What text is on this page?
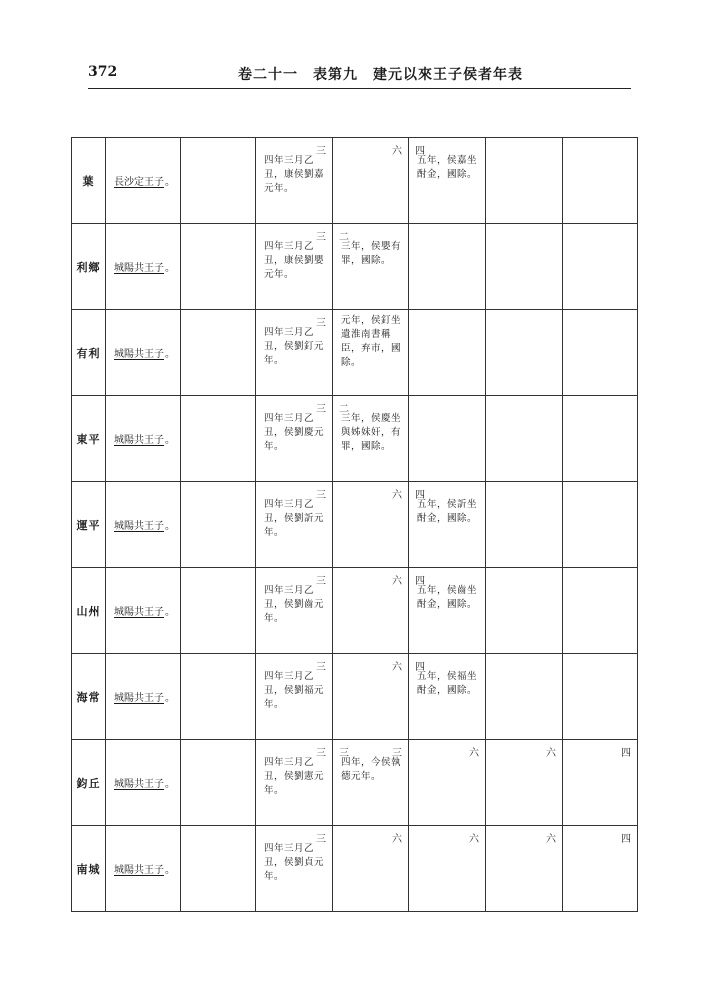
372	卷二十一　表第九　建元以來王子侯者年表
葉	長沙定王子。		三
四年三月乙
丑，康侯劉嘉
元年。	六	四
五年，侯嘉坐
酎金，國除。		

利鄉	城陽共王子。		三
四年三月乙
丑，康侯劉嬰
元年。	二
三年，侯嬰有
罪，國除。			

有利	城陽共王子。		三
四年三月乙
丑，侯劉釘元
年。	元年，侯釘坐
遺淮南書稱
臣，弃市，國
除。			

東平	城陽共王子。		三
四年三月乙
丑，侯劉慶元
年。	二
三年，侯慶坐
與姊妹奸，有
罪，國除。			

運平	城陽共王子。		三
四年三月乙
丑，侯劉訢元
年。	六	四
五年，侯訢坐
酎金，國除。		

山州	城陽共王子。		三
四年三月乙
丑，侯劉齒元
年。	六	四
五年，侯齒坐
酎金，國除。		

海常	城陽共王子。		三
四年三月乙
丑，侯劉福元
年。	六	四
五年，侯福坐
酎金，國除。		

鈞丘	城陽共王子。		三
四年三月乙
丑，侯劉憲元
年。	三
三
四年，今侯執
德元年。	六	六	四

南城	城陽共王子。		三
四年三月乙
丑，侯劉貞元
年。	六	六	六	四
